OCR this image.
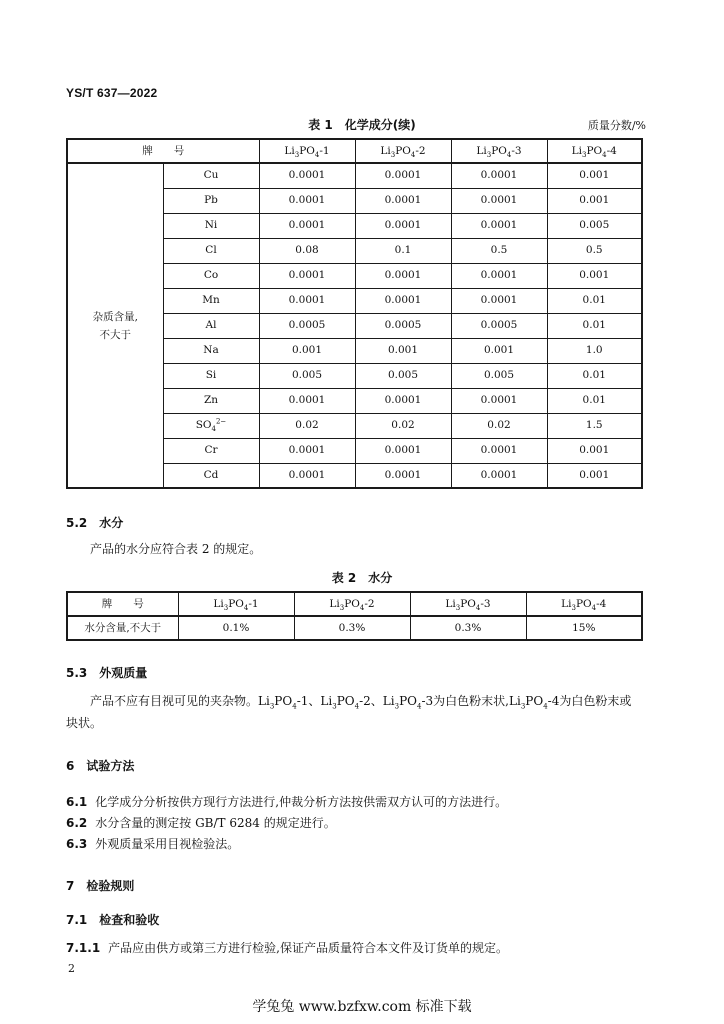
YS/T 637—2022
表 1　化学成分(续)	质量分数/%
牌　　号		$Li_3PO_4-1$	$Li_3PO_4-2$	$Li_3PO_4-3$	$Li_3PO_4-4$
杂质含量,
不大于	Cu	0.0001	0.0001	0.0001	0.001
	Pb	0.0001	0.0001	0.0001	0.001
	Ni	0.0001	0.0001	0.0001	0.005
	Cl	0.08	0.1	0.5	0.5
	Co	0.0001	0.0001	0.0001	0.001
	Mn	0.0001	0.0001	0.0001	0.01
	Al	0.0005	0.0005	0.0005	0.01
	Na	0.001	0.001	0.001	1.0
	Si	0.005	0.005	0.005	0.01
	Zn	0.0001	0.0001	0.0001	0.01
	$SO_4^{2-}$	0.02	0.02	0.02	1.5
	Cr	0.0001	0.0001	0.0001	0.001
	Cd	0.0001	0.0001	0.0001	0.001
5.2　水分
产品的水分应符合表 2 的规定。
表 2　水分
牌　　号	$Li_3PO_4-1$	$Li_3PO_4-2$	$Li_3PO_4-3$	$Li_3PO_4-4$
水分含量,不大于	0.1%	0.3%	0.3%	15%
5.3　外观质量
产品不应有目视可见的夹杂物。$Li_3PO_4-1$、$Li_3PO_4-2$、$Li_3PO_4-3$为白色粉末状$,Li_3PO_4-4$为白色粉末或块状。
6　试验方法
6.1 化学成分分析按供方现行方法进行,仲裁分析方法按供需双方认可的方法进行。
6.2 水分含量的测定按 GB/T 6284 的规定进行。
6.3 外观质量采用目视检验法。
7　检验规则
7.1　检查和验收
7.1.1 产品应由供方或第三方进行检验,保证产品质量符合本文件及订货单的规定。
2
学兔兔 www.bzfxw.com 标准下载
